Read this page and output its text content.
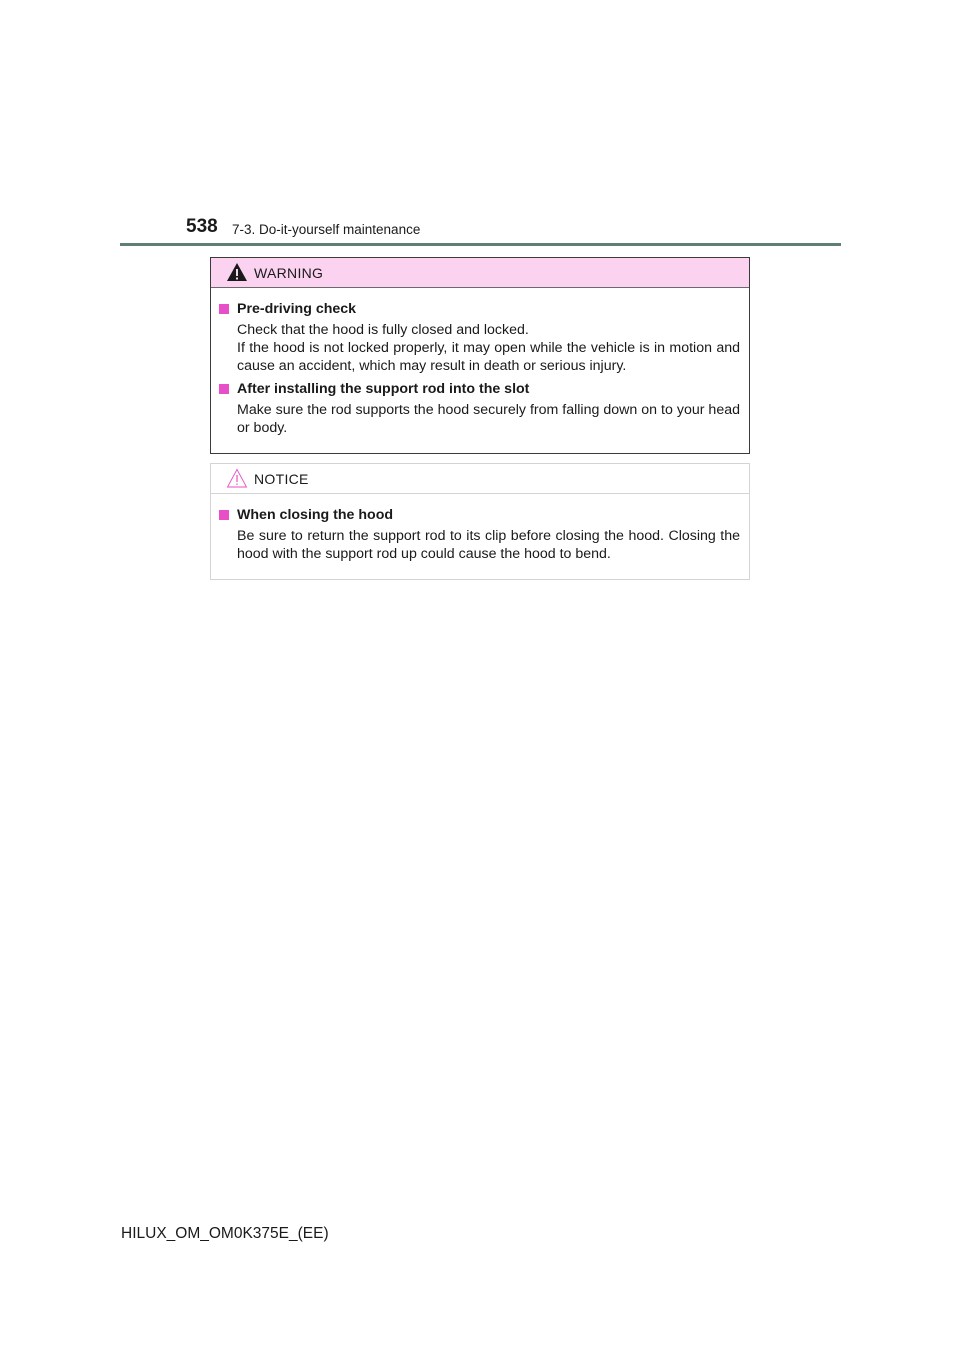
538 7-3. Do-it-yourself maintenance
WARNING
Pre-driving check
Check that the hood is fully closed and locked.
If the hood is not locked properly, it may open while the vehicle is in motion and cause an accident, which may result in death or serious injury.
After installing the support rod into the slot
Make sure the rod supports the hood securely from falling down on to your head or body.
NOTICE
When closing the hood
Be sure to return the support rod to its clip before closing the hood. Closing the hood with the support rod up could cause the hood to bend.
HILUX_OM_OM0K375E_(EE)
